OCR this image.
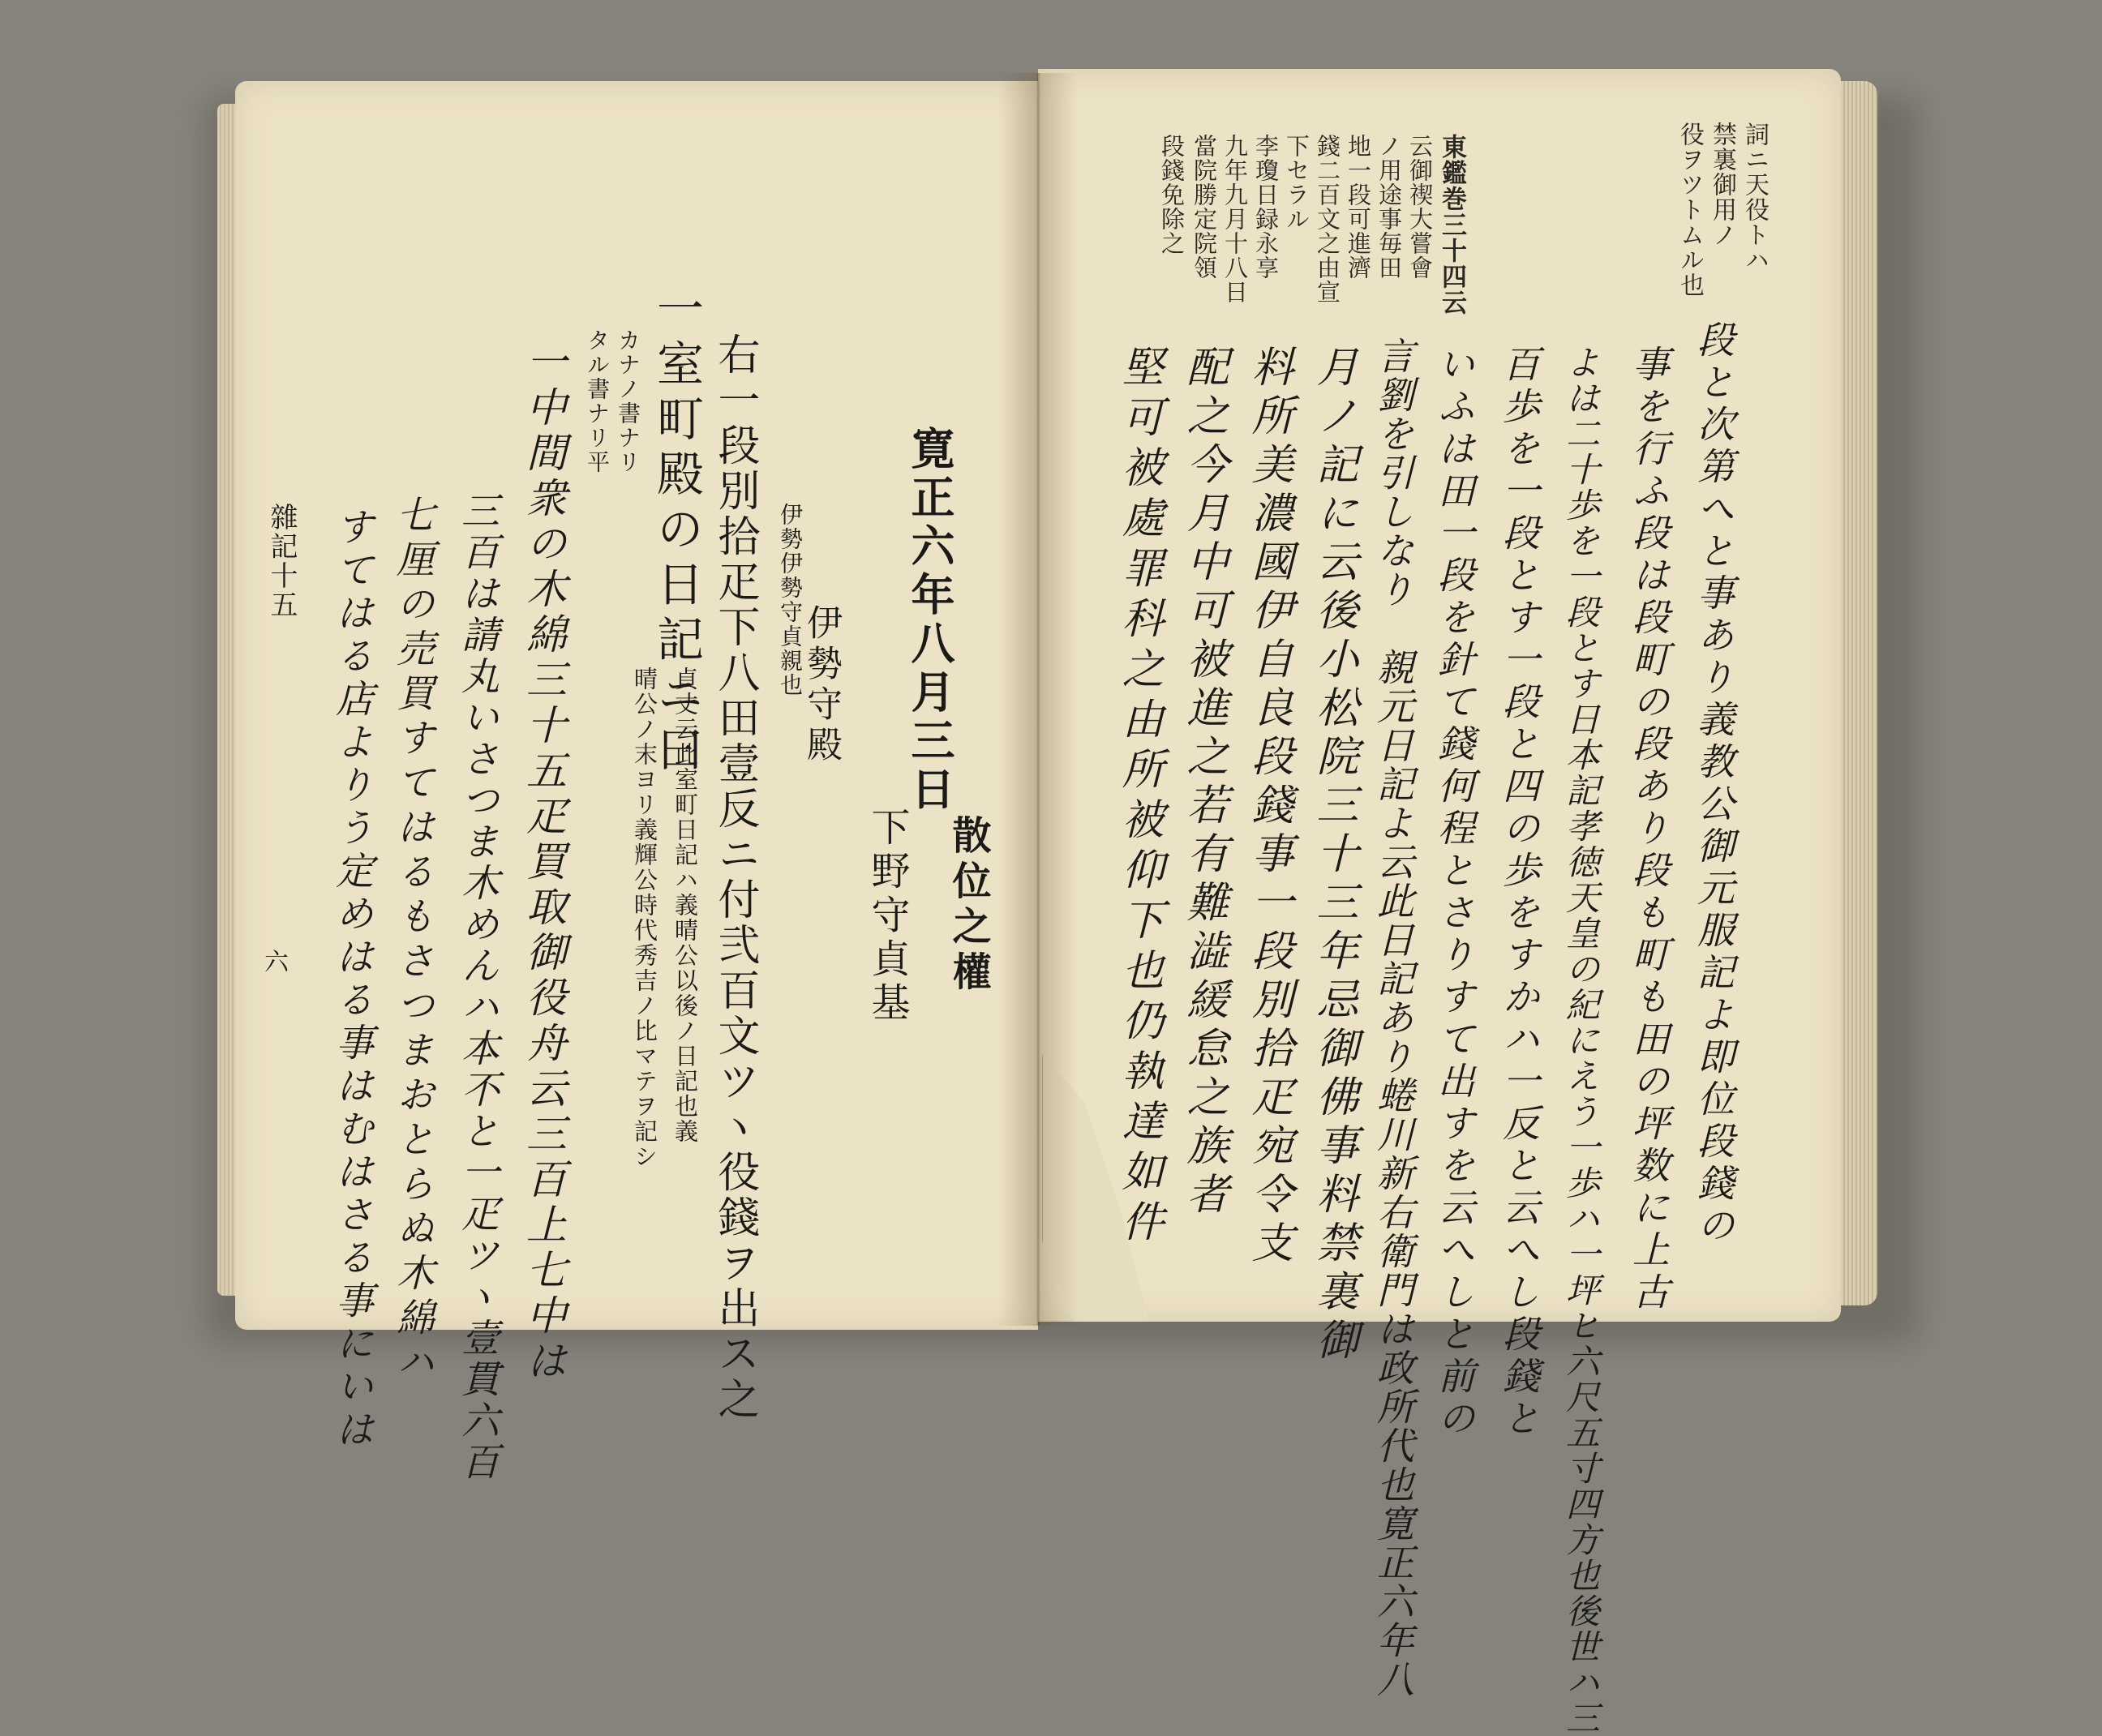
六
雜記十五 すてはる店よりう定めはる事はむはさる事にいは 七厘の売買すてはるもさつまおとらぬ木綿ハ 三百は請丸いさつま木めんハ本不と一疋ツヽ壹貫六百 一中間衆の木綿三十五疋買取御役舟云三百上七中は タル書ナリ平 カナノ書ナリ 一室町殿の日記ニ曰
貞丈云此室町日記ハ義晴公以後ノ日記也義
晴公ノ末ヨリ義輝公時代秀吉ノ比マテヲ記シ 右一段別拾疋下八田壹反ニ付弐百文ツヽ役錢ヲ出ス之 伊勢伊勢守貞親也
伊勢守殿
下野守貞基
寛正六年八月三日
散位之權	堅可被處罪科之由所被仰下也仍執達如件 配之今月中可被進之若有難澁緩怠之族者 料所美濃國伊自良段錢事一段別拾疋宛令支 月ノ記に云後小松院三十三年忌御佛事料禁裏御 言劉を引しなり　親元日記よ云此日記あり蜷川新右衛門は政所代也寛正六年八 いふは田一段を針て錢何程とさりすて出すを云へしと前の 百歩を一段とす一段と四の歩をすかハ一反と云へし段錢と よは二十歩を一段とす日本記孝徳天皇の紀にえう一歩ハ一坪ヒ六尺五寸四方也後世ハ三 事を行ふ段は段町の段あり段も町も田の坪数に上古 段と次第へと事あり義教公御元服記よ即位段錢の
段錢免除之 當院勝定院領 九年九月十八日 李瓊日録永享 下セラル 錢二百文之由宣 地一段可進濟 ノ用途事毎田 云御禊大嘗會 東鑑巻三十四云	役ヲツトムル也 禁裏御用ノ 詞ニ天役トハ
